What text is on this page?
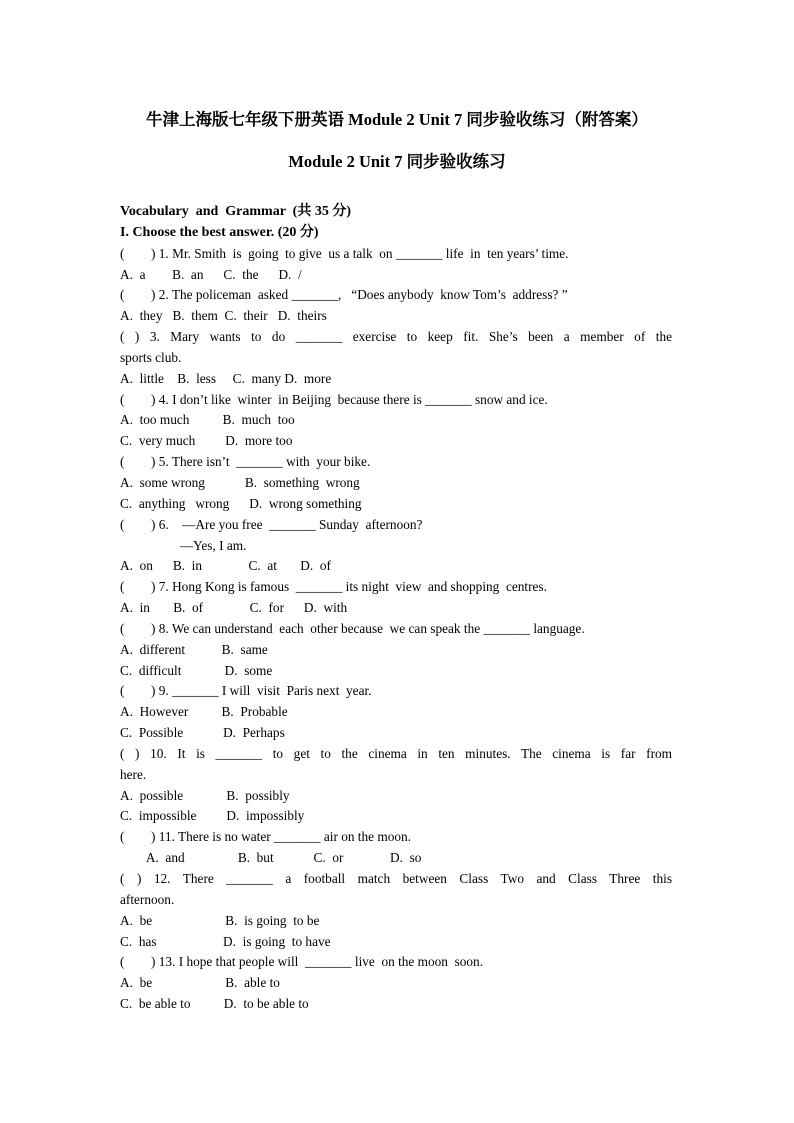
牛津上海版七年级下册英语 Module 2 Unit 7 同步验收练习（附答案）
Module 2 Unit 7 同步验收练习
Vocabulary  and  Grammar  (共 35 分)
I. Choose the best answer. (20 分)
(        ) 1. Mr. Smith  is  going  to give  us a talk  on _______ life  in  ten years’ time.
A.  a        B.  an      C.  the      D.  /
(        ) 2. The policeman  asked _______,   “Does anybody  know Tom’s  address? ”
A.  they   B.  them  C.  their   D.  theirs
( ) 3. Mary wants to do _______ exercise to keep fit. She’s been a member of the
sports club.
A.  little    B.  less     C.  many D.  more
(        ) 4. I don’t like  winter  in Beijing  because there is _______ snow and ice.
A.  too much          B.  much  too
C.  very much         D.  more too
(        ) 5. There isn’t  _______ with  your bike.
A.  some wrong            B.  something  wrong
C.  anything   wrong      D.  wrong something
(        ) 6.    —Are you free  _______ Sunday  afternoon?
—Yes, I am.
A.  on      B.  in              C.  at       D.  of
(        ) 7. Hong Kong is famous  _______ its night  view  and shopping  centres.
A.  in       B.  of              C.  for      D.  with
(        ) 8. We can understand  each  other because  we can speak the _______ language.
A.  different           B.  same
C.  difficult             D.  some
(        ) 9. _______ I will  visit  Paris next  year.
A.  However          B.  Probable
C.  Possible            D.  Perhaps
( ) 10. It is _______ to get to the cinema in ten minutes. The cinema is far from
here.
A.  possible             B.  possibly
C.  impossible         D.  impossibly
(        ) 11. There is no water _______ air on the moon.
A.  and                B.  but            C.  or              D.  so
( ) 12. There _______ a football match between Class Two and Class Three this
afternoon.
A.  be                      B.  is going  to be
C.  has                    D.  is going  to have
(        ) 13. I hope that people will  _______ live  on the moon  soon.
A.  be                      B.  able to
C.  be able to          D.  to be able to
